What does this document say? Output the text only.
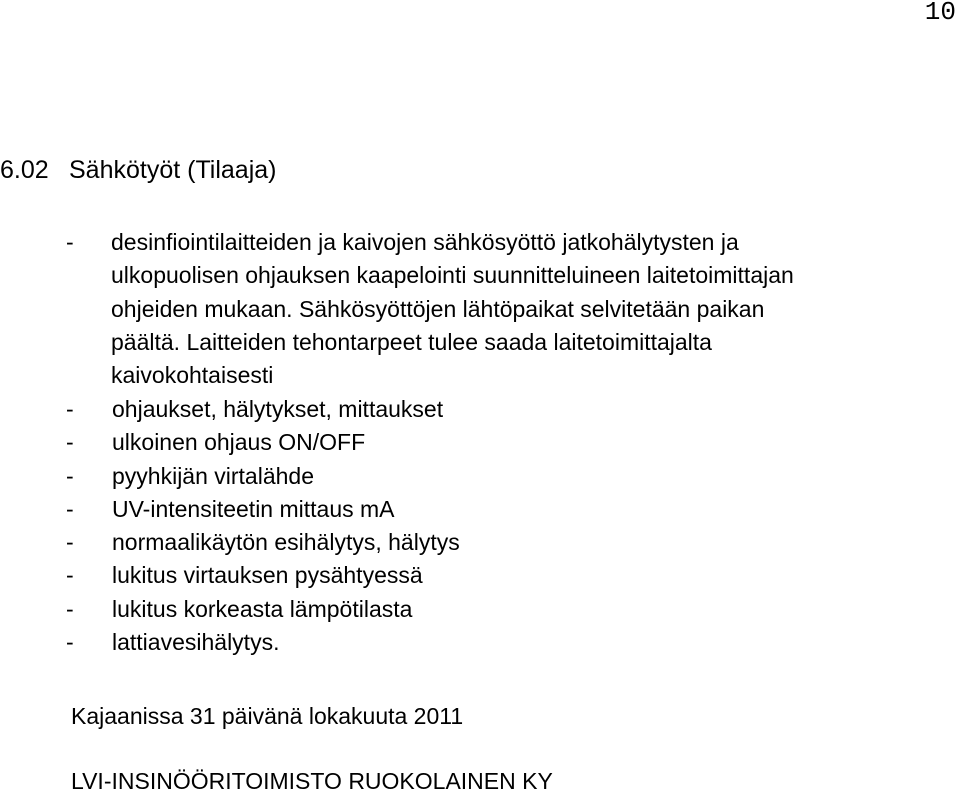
10
6.02 Sähkötyöt (Tilaaja)
- desinfiointilaitteiden ja kaivojen sähkösyöttö jatkohälytysten ja
ulkopuolisen ohjauksen kaapelointi suunnitteluineen laitetoimittajan
ohjeiden mukaan. Sähkösyöttöjen lähtöpaikat selvitetään paikan
päältä. Laitteiden tehontarpeet tulee saada laitetoimittajalta
kaivokohtaisesti
- ohjaukset, hälytykset, mittaukset
- ulkoinen ohjaus ON/OFF
- pyyhkijän virtalähde
- UV-intensiteetin mittaus mA
- normaalikäytön esihälytys, hälytys
- lukitus virtauksen pysähtyessä
- lukitus korkeasta lämpötilasta
- lattiavesihälytys.
Kajaanissa 31 päivänä lokakuuta 2011
LVI-INSINÖÖRITOIMISTO RUOKOLAINEN KY
